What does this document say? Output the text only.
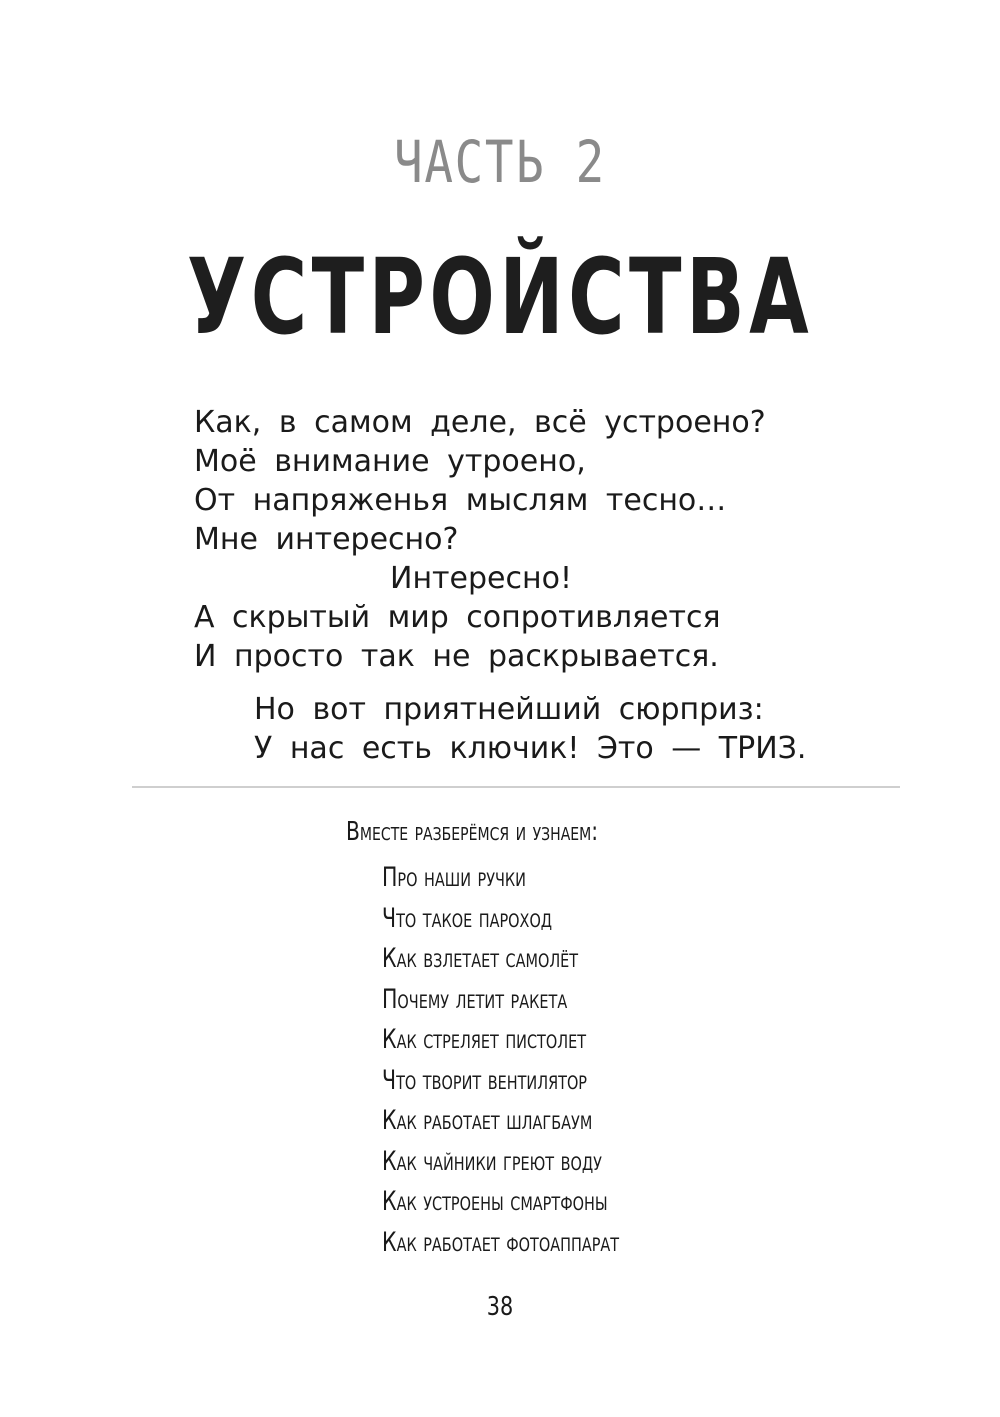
ЧАСТЬ 2
УСТРОЙСТВА
Как, в самом деле, всё устроено?
Моё внимание утроено,
От напряженья мыслям тесно…
Мне интересно?
Интересно!
А скрытый мир сопротивляется
И просто так не раскрывается.
Но вот приятнейший сюрприз:
У нас есть ключик! Это — ТРИЗ.
Вместе разберёмся и узнаем:
Про наши ручки
Что такое пароход
Как взлетает самолёт
Почему летит ракета
Как стреляет пистолет
Что творит вентилятор
Как работает шлагбаум
Как чайники греют воду
Как устроены смартфоны
Как работает фотоаппарат
38
